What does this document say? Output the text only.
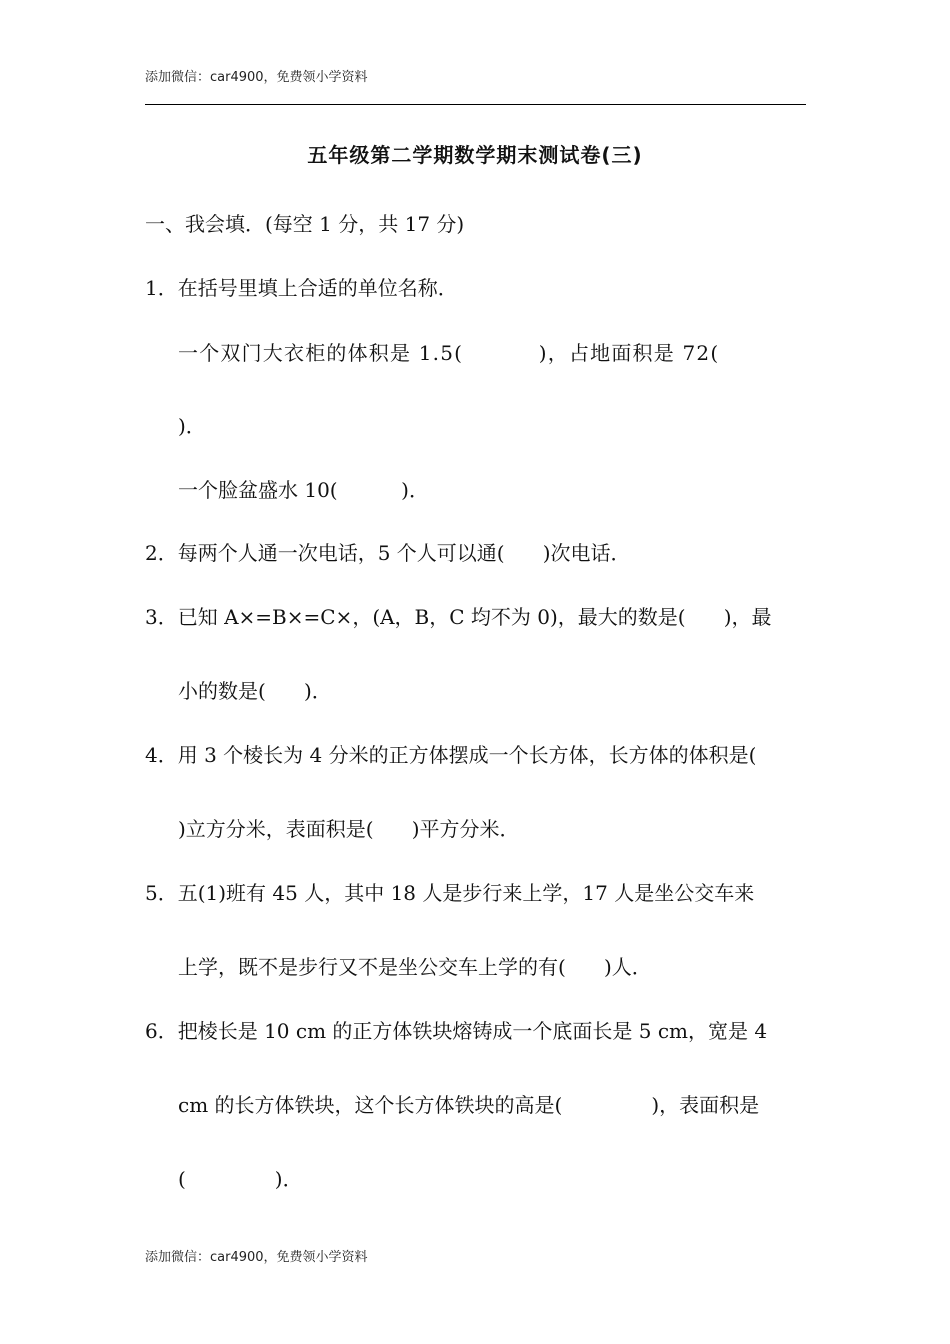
添加微信：car4900，免费领小学资料
五年级第二学期数学期末测试卷(三)
一、我会填．(每空 1 分，共 17 分)
1．在括号里填上合适的单位名称．
一个双门大衣柜的体积是 1.5(          )，占地面积是 72(
)．
一个脸盆盛水 10(          )．
2．每两个人通一次电话，5 个人可以通(      )次电话．
3．已知 A×=B×=C×，(A，B，C 均不为 0)，最大的数是(      )，最
小的数是(      )．
4．用 3 个棱长为 4 分米的正方体摆成一个长方体，长方体的体积是(
)立方分米，表面积是(      )平方分米．
5．五(1)班有 45 人，其中 18 人是步行来上学，17 人是坐公交车来
上学，既不是步行又不是坐公交车上学的有(      )人．
6．把棱长是 10 cm 的正方体铁块熔铸成一个底面长是 5 cm，宽是 4
cm 的长方体铁块，这个长方体铁块的高是(              )，表面积是
(              )．
添加微信：car4900，免费领小学资料
